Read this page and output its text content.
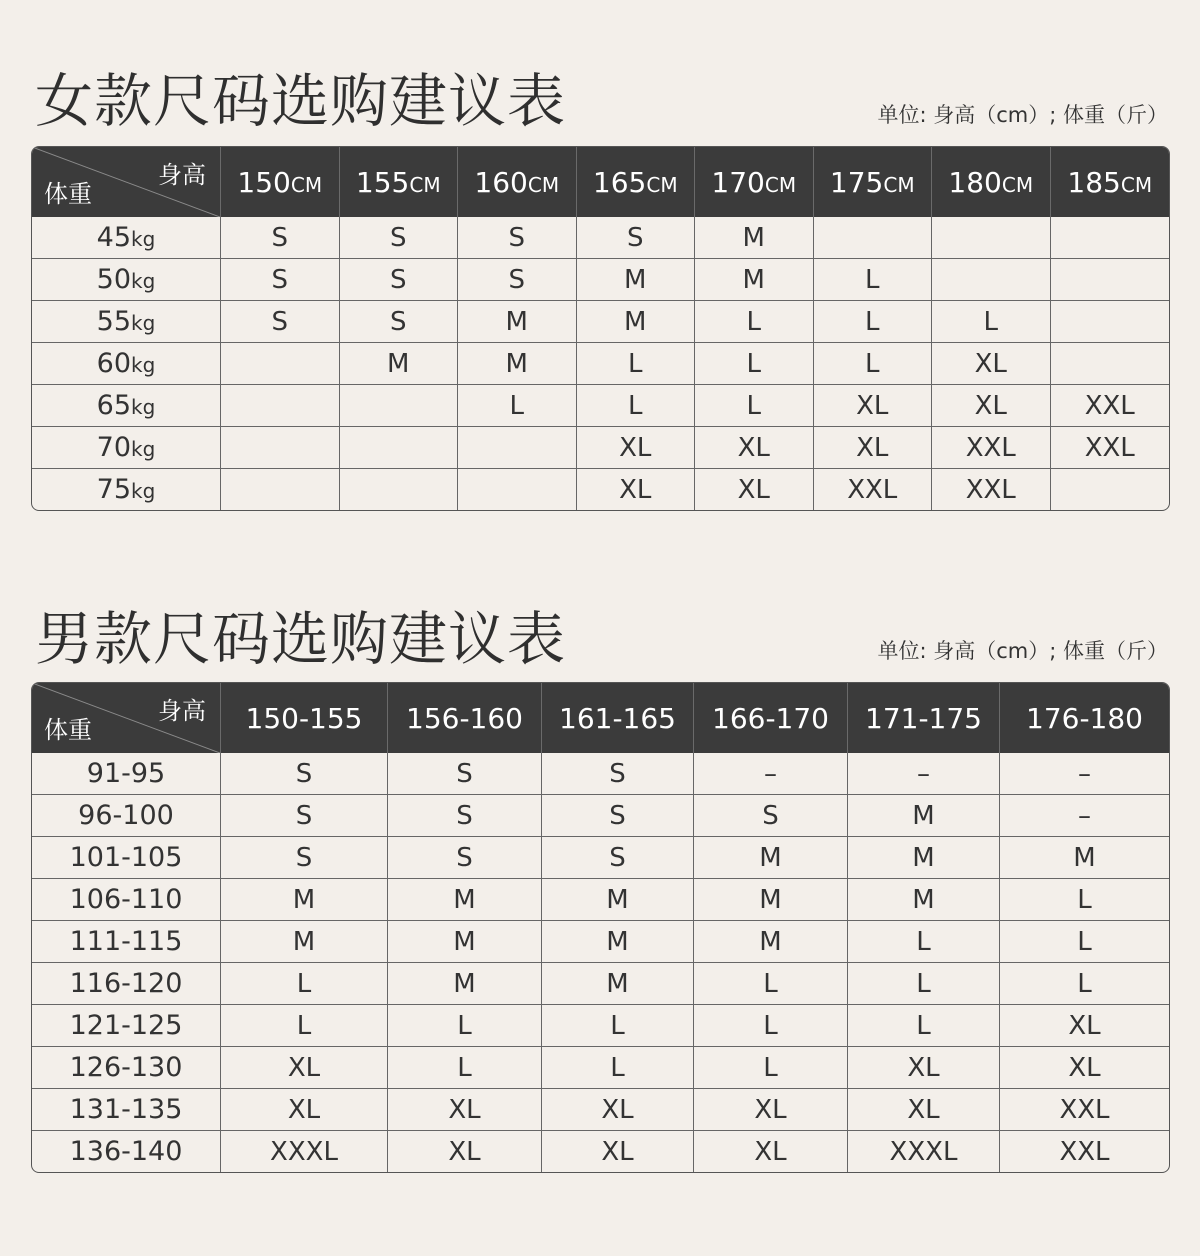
女款尺码选购建议表	单位: 身高（cm）; 体重（斤）
身高
体重	150CM	155CM	160CM	165CM	170CM	175CM	180CM	185CM
45kg	S	S	S	S	M			
50kg	S	S	S	M	M	L		
55kg	S	S	M	M	L	L	L	
60kg		M	M	L	L	L	XL	
65kg			L	L	L	XL	XL	XXL
70kg				XL	XL	XL	XXL	XXL
75kg				XL	XL	XXL	XXL	
男款尺码选购建议表	单位: 身高（cm）; 体重（斤）
身高
体重	150-155	156-160	161-165	166-170	171-175	176-180
91-95	S	S	S	–	–	–
96-100	S	S	S	S	M	–
101-105	S	S	S	M	M	M
106-110	M	M	M	M	M	L
111-115	M	M	M	M	L	L
116-120	L	M	M	L	L	L
121-125	L	L	L	L	L	XL
126-130	XL	L	L	L	XL	XL
131-135	XL	XL	XL	XL	XL	XXL
136-140	XXXL	XL	XL	XL	XXXL	XXL
